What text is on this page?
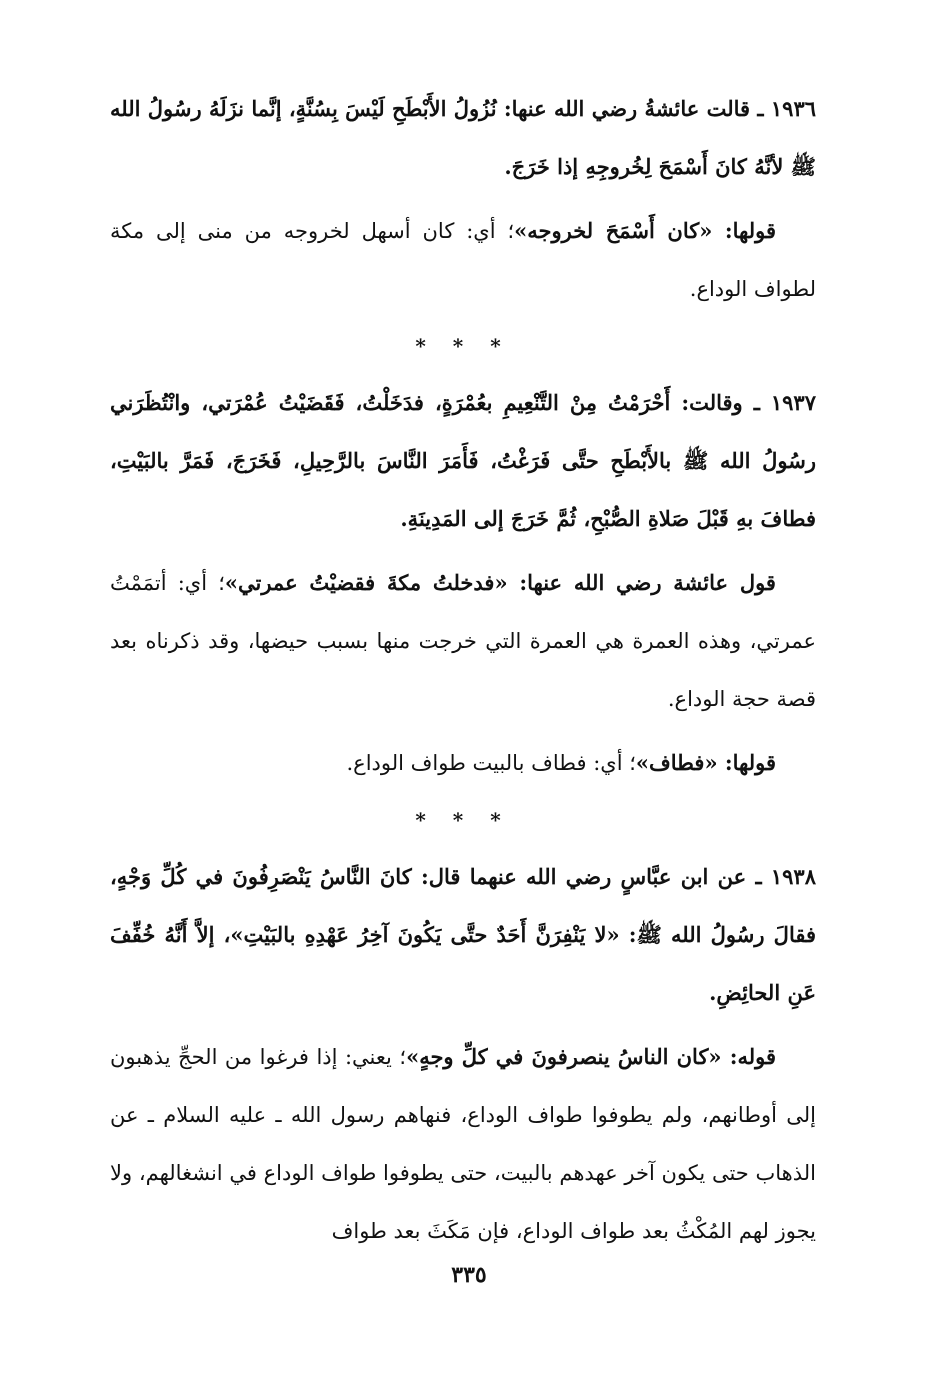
١٩٣٦ ـ قالت عائشةُ رضي الله عنها: نُزُولُ الأَبْطَحِ لَيْسَ بِسُنَّةٍ، إنَّما نزَلَهُ رسُولُ الله ﷺ لأنَّهُ كانَ أَسْمَحَ لِخُروجِهِ إذا خَرَجَ.

قولها: «كان أَسْمَحَ لخروجه»؛ أي: كان أسهل لخروجه من منى إلى مكة لطواف الوداع.

* * *

١٩٣٧ ـ وقالت: أَحْرَمْتُ مِنْ التَّنْعِيمِ بعُمْرَةٍ، فدَخَلْتُ، فَقَضَيْتُ عُمْرَتي، وانْتُظَرَني رسُولُ الله ﷺ بالأَبْطَحِ حتَّى فَرَغْتُ، فَأَمَرَ النَّاسَ بالرَّحِيلِ، فَخَرَجَ، فَمَرَّ بالبَيْتِ، فطافَ بهِ قَبْلَ صَلاةِ الصُّبْحِ، ثُمَّ خَرَجَ إلى المَدِينَةِ.

قول عائشة رضي الله عنها: «فدخلتُ مكةَ فقضيْتُ عمرتي»؛ أي: أتمَمْتُ عمرتي، وهذه العمرة هي العمرة التي خرجت منها بسبب حيضها، وقد ذكرناه بعد قصة حجة الوداع.

قولها: «فطاف»؛ أي: فطاف بالبيت طواف الوداع.

* * *

١٩٣٨ ـ عن ابن عبَّاسٍ رضي الله عنهما قال: كانَ النَّاسُ يَنْصَرِفُونَ في كُلِّ وَجْهٍ، فقالَ رسُولُ الله ﷺ: «لا يَنْفِرَنَّ أَحَدٌ حتَّى يَكُونَ آخِرُ عَهْدِهِ بالبَيْتِ»، إلاَّ أَنَّهُ خُفِّفَ عَنِ الحائِضِ.

قوله: «كان الناسُ ينصرفونَ في كلِّ وجهٍ»؛ يعني: إذا فرغوا من الحجِّ يذهبون إلى أوطانهم، ولم يطوفوا طواف الوداع، فنهاهم رسول الله ـ عليه السلام ـ عن الذهاب حتى يكون آخر عهدهم بالبيت، حتى يطوفوا طواف الوداع في انشغالهم، ولا يجوز لهم المُكْثُ بعد طواف الوداع، فإن مَكَثَ بعد طواف

٣٣٥
